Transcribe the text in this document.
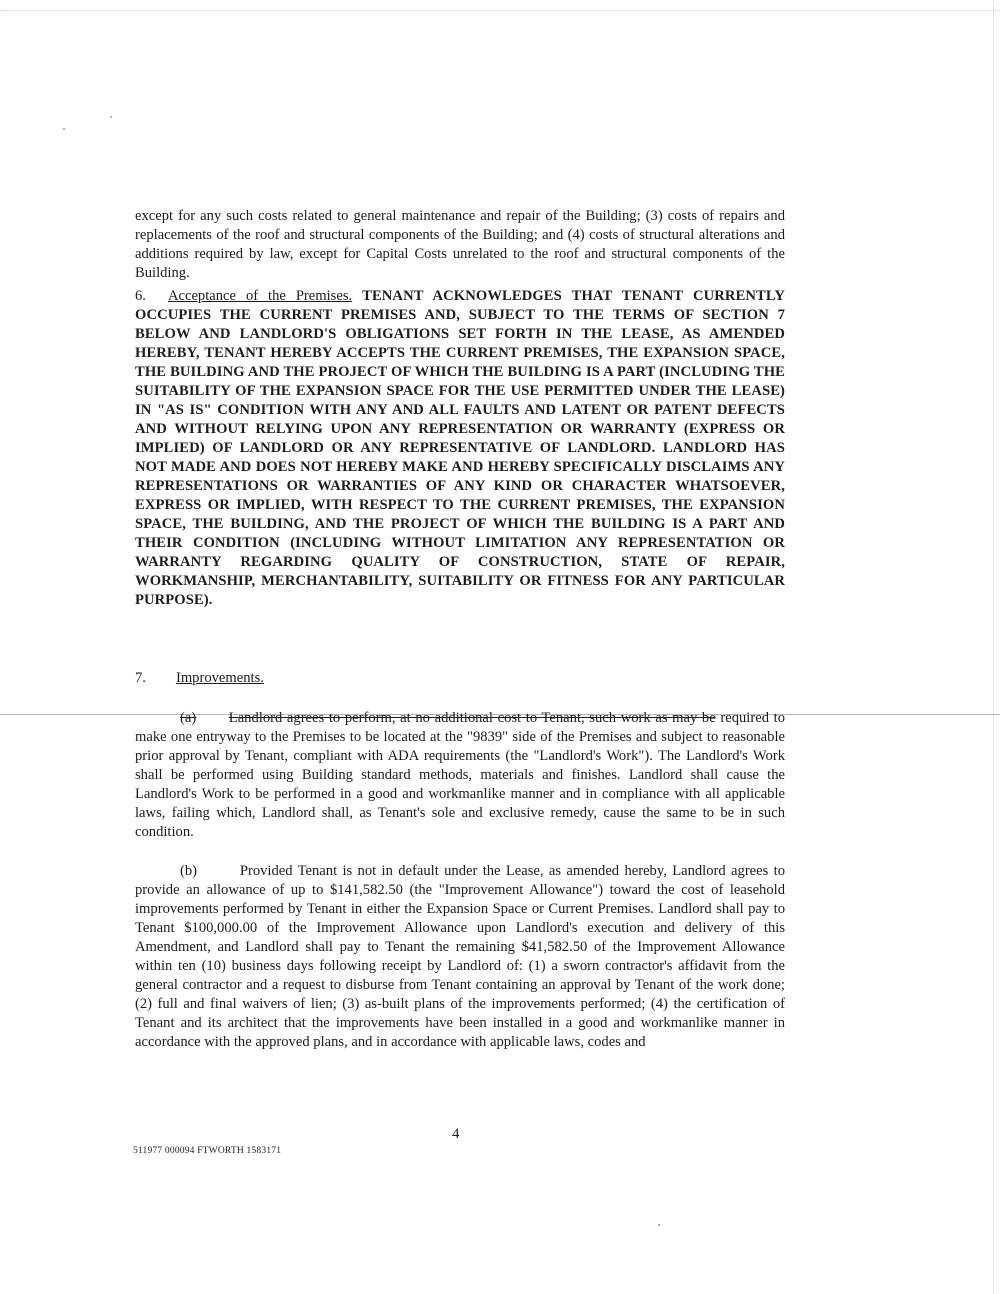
except for any such costs related to general maintenance and repair of the Building; (3) costs of repairs and replacements of the roof and structural components of the Building; and (4) costs of structural alterations and additions required by law, except for Capital Costs unrelated to the roof and structural components of the Building.

6. Acceptance of the Premises. TENANT ACKNOWLEDGES THAT TENANT CURRENTLY OCCUPIES THE CURRENT PREMISES AND, SUBJECT TO THE TERMS OF SECTION 7 BELOW AND LANDLORD'S OBLIGATIONS SET FORTH IN THE LEASE, AS AMENDED HEREBY, TENANT HEREBY ACCEPTS THE CURRENT PREMISES, THE EXPANSION SPACE, THE BUILDING AND THE PROJECT OF WHICH THE BUILDING IS A PART (INCLUDING THE SUITABILITY OF THE EXPANSION SPACE FOR THE USE PERMITTED UNDER THE LEASE) IN "AS IS" CONDITION WITH ANY AND ALL FAULTS AND LATENT OR PATENT DEFECTS AND WITHOUT RELYING UPON ANY REPRESENTATION OR WARRANTY (EXPRESS OR IMPLIED) OF LANDLORD OR ANY REPRESENTATIVE OF LANDLORD. LANDLORD HAS NOT MADE AND DOES NOT HEREBY MAKE AND HEREBY SPECIFICALLY DISCLAIMS ANY REPRESENTATIONS OR WARRANTIES OF ANY KIND OR CHARACTER WHATSOEVER, EXPRESS OR IMPLIED, WITH RESPECT TO THE CURRENT PREMISES, THE EXPANSION SPACE, THE BUILDING, AND THE PROJECT OF WHICH THE BUILDING IS A PART AND THEIR CONDITION (INCLUDING WITHOUT LIMITATION ANY REPRESENTATION OR WARRANTY REGARDING QUALITY OF CONSTRUCTION, STATE OF REPAIR, WORKMANSHIP, MERCHANTABILITY, SUITABILITY OR FITNESS FOR ANY PARTICULAR PURPOSE).

7. Improvements.

(a) Landlord agrees to perform, at no additional cost to Tenant, such work as may be required to make one entryway to the Premises to be located at the "9839" side of the Premises and subject to reasonable prior approval by Tenant, compliant with ADA requirements (the "Landlord's Work"). The Landlord's Work shall be performed using Building standard methods, materials and finishes. Landlord shall cause the Landlord's Work to be performed in a good and workmanlike manner and in compliance with all applicable laws, failing which, Landlord shall, as Tenant's sole and exclusive remedy, cause the same to be in such condition.

(b)	Provided Tenant is not in default under the Lease, as amended hereby, Landlord agrees to provide an allowance of up to $141,582.50 (the "Improvement Allowance") toward the cost of leasehold improvements performed by Tenant in either the Expansion Space or Current Premises. Landlord shall pay to Tenant $100,000.00 of the Improvement Allowance upon Landlord's execution and delivery of this Amendment, and Landlord shall pay to Tenant the remaining $41,582.50 of the Improvement Allowance within ten (10) business days following receipt by Landlord of: (1) a sworn contractor's affidavit from the general contractor and a request to disburse from Tenant containing an approval by Tenant of the work done; (2) full and final waivers of lien; (3) as-built plans of the improvements performed; (4) the certification of Tenant and its architect that the improvements have been installed in a good and workmanlike manner in accordance with the approved plans, and in accordance with applicable laws, codes and

4
511977 000094 FTWORTH 1583171
